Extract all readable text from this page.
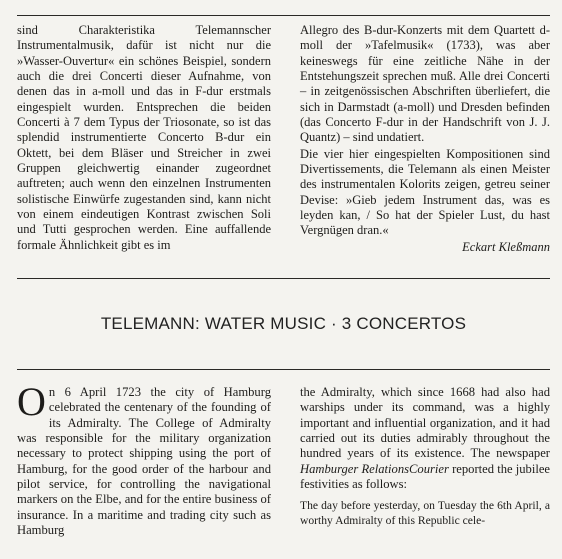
sind Charakteristika Telemannscher Instrumentalmusik, dafür ist nicht nur die »Wasser-Ouvertur« ein schönes Beispiel, sondern auch die drei Concerti dieser Aufnahme, von denen das in a-moll und das in F-dur erstmals eingespielt wurden. Entsprechen die beiden Concerti à 7 dem Typus der Triosonate, so ist das splendid instrumentierte Concerto B-dur ein Oktett, bei dem Bläser und Streicher in zwei Gruppen gleichwertig einander zugeordnet auftreten; auch wenn den einzelnen Instrumenten solistische Einwürfe zugestanden sind, kann nicht von einem eindeutigen Kontrast zwischen Soli und Tutti gesprochen werden. Eine auffallende formale Ähnlichkeit gibt es im

Allegro des B-dur-Konzerts mit dem Quartett d-moll der »Tafelmusik« (1733), was aber keineswegs für eine zeitliche Nähe in der Entstehungszeit sprechen muß. Alle drei Concerti – in zeitgenössischen Abschriften überliefert, die sich in Darmstadt (a-moll) und Dresden befinden (das Concerto F-dur in der Handschrift von J. J. Quantz) – sind undatiert.

Die vier hier eingespielten Kompositionen sind Divertissements, die Telemann als einen Meister des instrumentalen Kolorits zeigen, getreu seiner Devise: »Gieb jedem Instrument das, was es leyden kan, / So hat der Spieler Lust, du hast Vergnügen dran.«

Eckart Kleßmann

TELEMANN: WATER MUSIC · 3 CONCERTOS

On 6 April 1723 the city of Hamburg celebrated the centenary of the founding of its Admiralty. The College of Admiralty was responsible for the military organization necessary to protect shipping using the port of Hamburg, for the good order of the harbour and pilot service, for controlling the navigational markers on the Elbe, and for the entire business of insurance. In a maritime and trading city such as Hamburg

the Admiralty, which since 1668 had also had warships under its command, was a highly important and influential organization, and it had carried out its duties admirably throughout the hundred years of its existence. The newspaper Hamburger RelationsCourier reported the jubilee festivities as follows:

The day before yesterday, on Tuesday the 6th April, a worthy Admiralty of this Republic cele-
